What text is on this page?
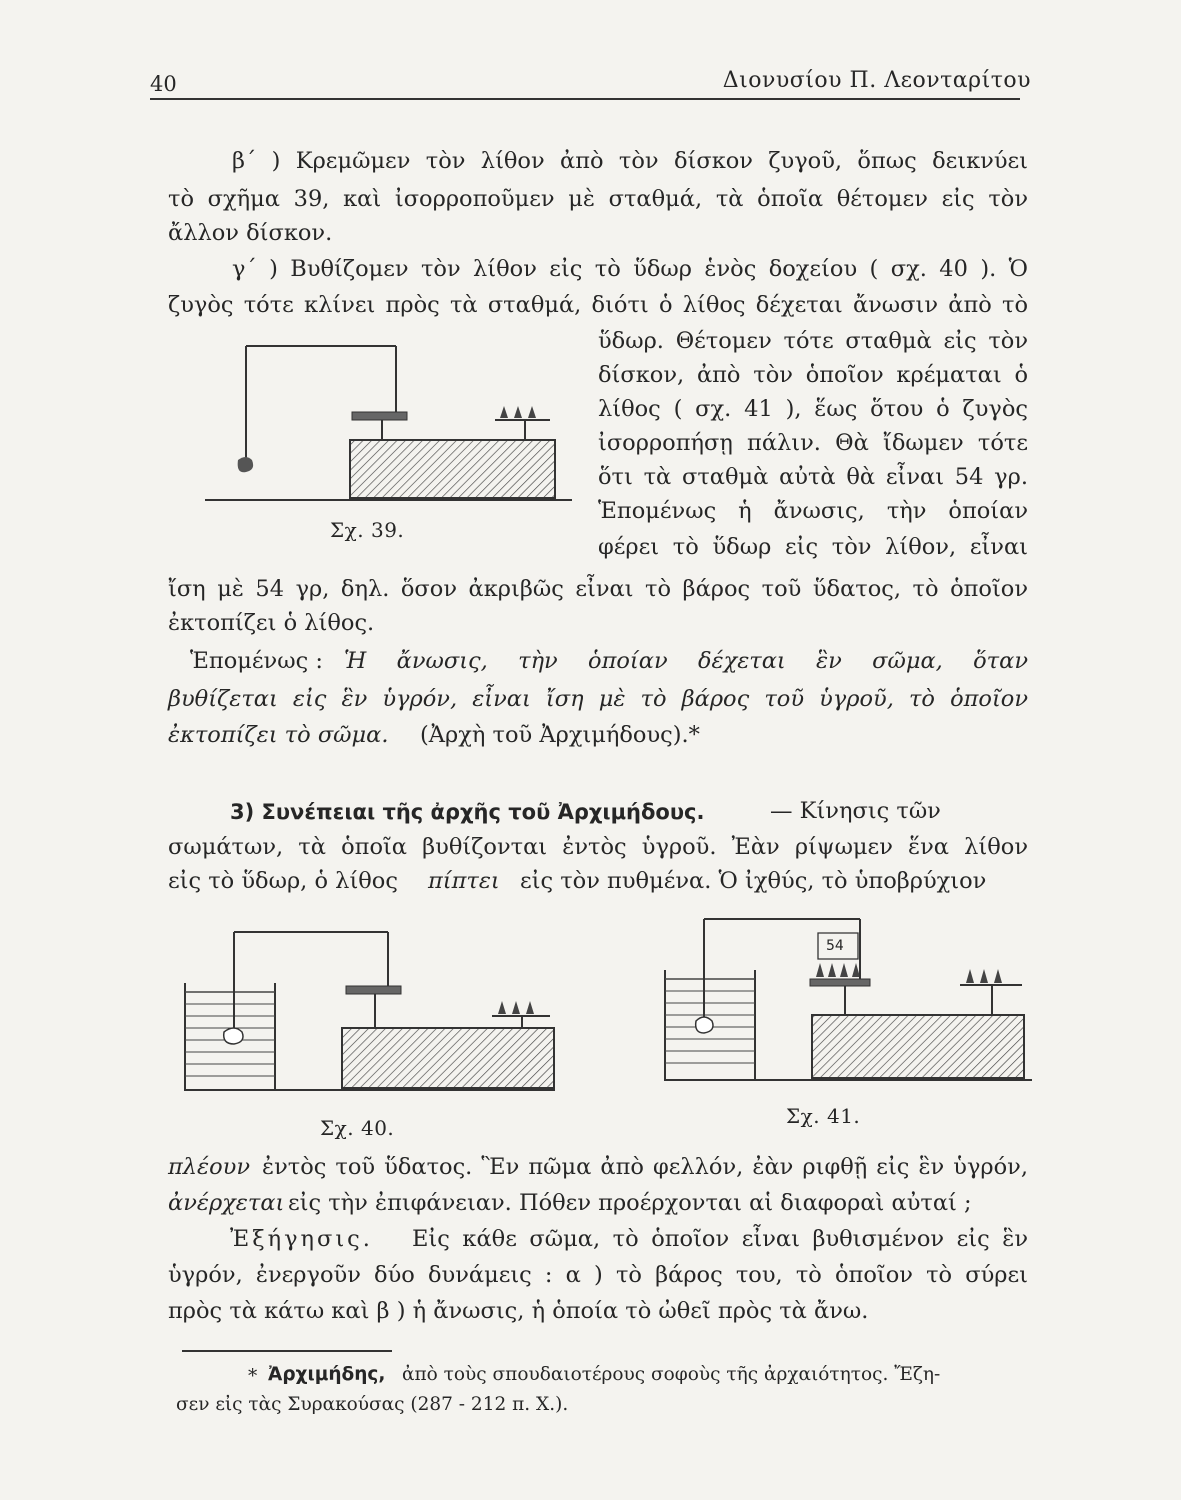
40	Διονυσίου Π. Λεονταρίτου
β΄ ) Κρεμῶμεν τὸν λίθον ἀπὸ τὸν δίσκον ζυγοῦ, ὅπως δεικνύει
τὸ σχῆμα 39, καὶ ἰσορροποῦμεν μὲ σταθμά, τὰ ὁποῖα θέτομεν εἰς τὸν
ἄλλον δίσκον.
γ΄ ) Βυθίζομεν τὸν λίθον εἰς τὸ ὕδωρ ἑνὸς δοχείου ( σχ. 40 ). Ὁ
ζυγὸς τότε κλίνει πρὸς τὰ σταθμά, διότι ὁ λίθος δέχεται ἄνωσιν ἀπὸ τὸ
ὕδωρ. Θέτομεν τότε σταθμὰ εἰς τὸν
δίσκον, ἀπὸ τὸν ὁποῖον κρέμαται ὁ
λίθος ( σχ. 41 ), ἕως ὅτου ὁ ζυγὸς
ἰσορροπήσῃ πάλιν. Θὰ ἴδωμεν τότε
ὅτι τὰ σταθμὰ αὐτὰ θὰ εἶναι 54 γρ.
Ἑπομένως ἡ ἄνωσις, τὴν ὁποίαν
φέρει τὸ ὕδωρ εἰς τὸν λίθον, εἶναι
ἴση μὲ 54 γρ, δηλ. ὅσον ἀκριβῶς εἶναι τὸ βάρος τοῦ ὕδατος, τὸ ὁποῖον
ἐκτοπίζει ὁ λίθος.
Σχ. 39.
Ἑπομένως : Ἡ ἄνωσις, τὴν ὁποίαν δέχεται ἓν σῶμα, ὅταν
βυθίζεται εἰς ἓν ὑγρόν, εἶναι ἴση μὲ τὸ βάρος τοῦ ὑγροῦ, τὸ ὁποῖον
ἐκτοπίζει τὸ σῶμα. (Ἀρχὴ τοῦ Ἀρχιμήδους).*
3) Συνέπειαι τῆς ἀρχῆς τοῦ Ἀρχιμήδους.	— Κίνησις τῶν
σωμάτων, τὰ ὁποῖα βυθίζονται ἐντὸς ὑγροῦ. Ἐὰν ρίψωμεν ἕνα λίθον
εἰς τὸ ὕδωρ, ὁ λίθος πίπτει εἰς τὸν πυθμένα. Ὁ ἰχθύς, τὸ ὑποβρύχιον
Σχ. 40.
54
Σχ. 41.
πλέουν ἐντὸς τοῦ ὕδατος. Ἓν πῶμα ἀπὸ φελλόν, ἐὰν ριφθῇ εἰς ἓν ὑγρόν,
ἀνέρχεται εἰς τὴν ἐπιφάνειαν. Πόθεν προέρχονται αἱ διαφοραὶ αὐταί ;
Ἐξήγησις. Εἰς κάθε σῶμα, τὸ ὁποῖον εἶναι βυθισμένον εἰς ἓν
ὑγρόν, ἐνεργοῦν δύο δυνάμεις : α ) τὸ βάρος του, τὸ ὁποῖον τὸ σύρει
πρὸς τὰ κάτω καὶ β ) ἡ ἄνωσις, ἡ ὁποία τὸ ὠθεῖ πρὸς τὰ ἄνω.
* Ἀρχιμήδης, ἀπὸ τοὺς σπουδαιοτέρους σοφοὺς τῆς ἀρχαιότητος. Ἔζη-
σεν εἰς τὰς Συρακούσας (287 - 212 π. Χ.).
